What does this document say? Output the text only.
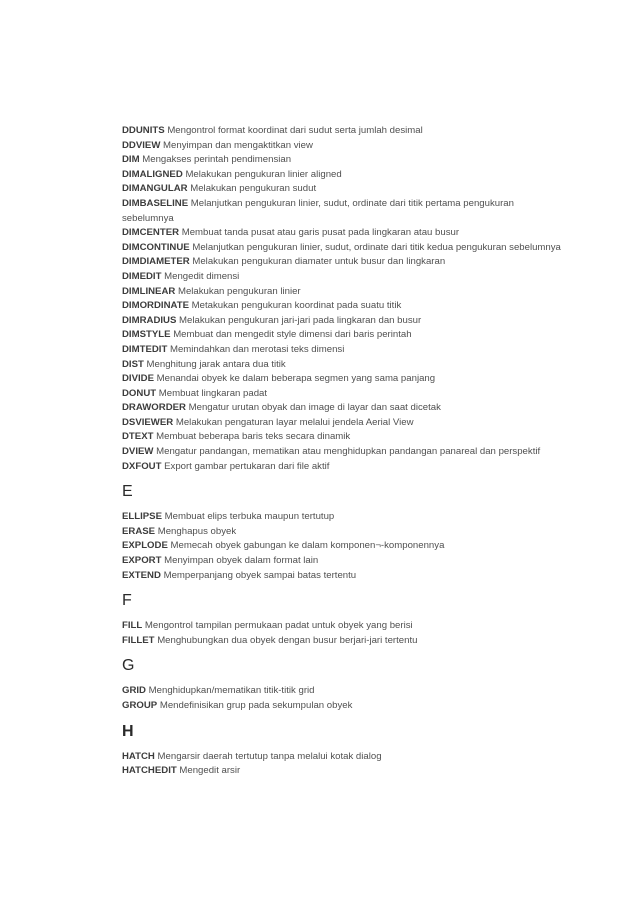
DDUNITS Mengontrol format koordinat dari sudut serta jumlah desimal

DDVIEW Menyimpan dan mengaktitkan view

DIM Mengakses perintah pendimensian

DIMALIGNED Melakukan pengukuran linier aligned

DIMANGULAR Melakukan pengukuran sudut

DIMBASELINE Melanjutkan pengukuran linier, sudut, ordinate dari titik pertama pengukuran sebelumnya

DIMCENTER Membuat tanda pusat atau garis pusat pada lingkaran atau busur

DIMCONTINUE Melanjutkan pengukuran linier, sudut, ordinate dari titik kedua pengukuran sebelumnya

DIMDIAMETER Melakukan pengukuran diamater untuk busur dan lingkaran

DIMEDIT Mengedit dimensi

DIMLINEAR Melakukan pengukuran linier

DIMORDINATE Metakukan pengukuran koordinat pada suatu titik

DIMRADIUS Melakukan pengukuran jari-jari pada lingkaran dan busur

DIMSTYLE Membuat dan mengedit style dimensi dari baris perintah

DIMTEDIT Memindahkan dan merotasi teks dimensi

DIST Menghitung jarak antara dua titik

DIVIDE Menandai obyek ke dalam beberapa segmen yang sama panjang

DONUT Membuat lingkaran padat

DRAWORDER Mengatur urutan obyak dan image di layar dan saat dicetak

DSVIEWER Melakukan pengaturan layar melalui jendela Aerial View

DTEXT Membuat beberapa baris teks secara dinamik

DVIEW Mengatur pandangan, mematikan atau menghidupkan pandangan panareal dan perspektif

DXFOUT Export gambar pertukaran dari file aktif

E

ELLIPSE Membuat elips terbuka maupun tertutup

ERASE Menghapus obyek

EXPLODE Memecah obyek gabungan ke dalam komponen¬-komponennya

EXPORT Menyimpan obyek dalam format lain

EXTEND Memperpanjang obyek sampai batas tertentu

F

FILL Mengontrol tampilan permukaan padat untuk obyek yang berisi

FILLET Menghubungkan dua obyek dengan busur berjari-jari tertentu

G

GRID Menghidupkan/mematikan titik-titik grid

GROUP Mendefinisikan grup pada sekumpulan obyek

H

HATCH Mengarsir daerah tertutup tanpa melalui kotak dialog

HATCHEDIT Mengedit arsir
